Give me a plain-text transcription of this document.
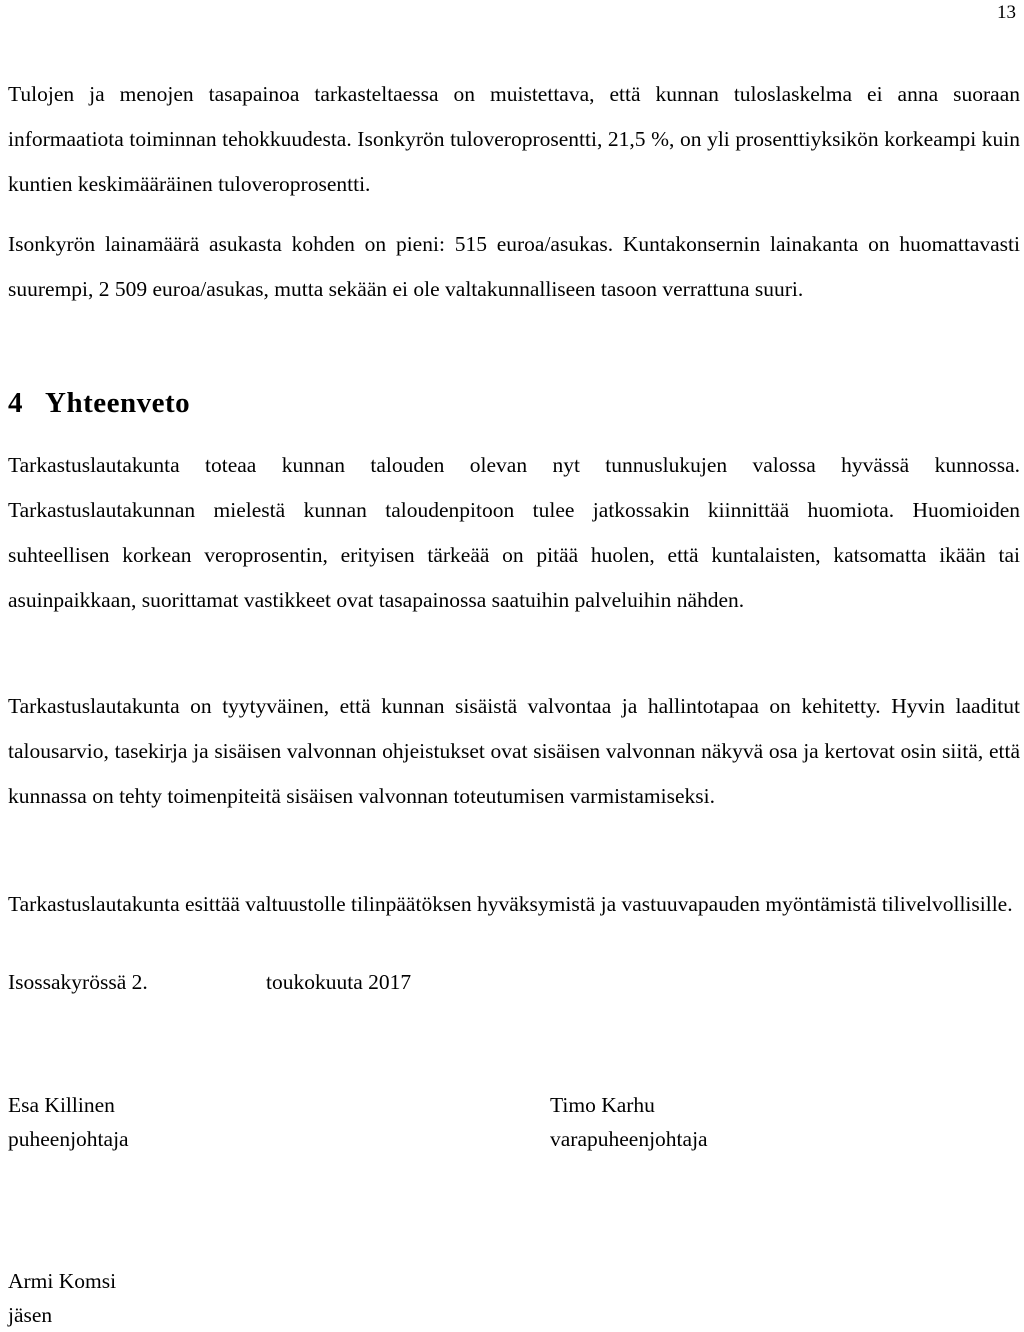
13

Tulojen ja menojen tasapainoa tarkasteltaessa on muistettava, että kunnan tuloslaskelma ei anna suoraan informaatiota toiminnan tehokkuudesta. Isonkyrön tuloveroprosentti, 21,5 %, on yli prosenttiyksikön korkeampi kuin kuntien keskimääräinen tuloveroprosentti.

Isonkyrön lainamäärä asukasta kohden on pieni: 515 euroa/asukas. Kuntakonsernin lainakanta on huomattavasti suurempi, 2 509 euroa/asukas, mutta sekään ei ole valtakunnalliseen tasoon verrattuna suuri.

4 Yhteenveto

Tarkastuslautakunta toteaa kunnan talouden olevan nyt tunnuslukujen valossa hyvässä kunnossa. Tarkastuslautakunnan mielestä kunnan taloudenpitoon tulee jatkossakin kiinnittää huomiota. Huomioiden suhteellisen korkean veroprosentin, erityisen tärkeää on pitää huolen, että kuntalaisten, katsomatta ikään tai asuinpaikkaan, suorittamat vastikkeet ovat tasapainossa saatuihin palveluihin nähden.

Tarkastuslautakunta on tyytyväinen, että kunnan sisäistä valvontaa ja hallintotapaa on kehitetty. Hyvin laaditut talousarvio, tasekirja ja sisäisen valvonnan ohjeistukset ovat sisäisen valvonnan näkyvä osa ja kertovat osin siitä, että kunnassa on tehty toimenpiteitä sisäisen valvonnan toteutumisen varmistamiseksi.

Tarkastuslautakunta esittää valtuustolle tilinpäätöksen hyväksymistä ja vastuuvapauden myöntämistä tilivelvollisille.

Isossakyrössä 2.	toukokuuta 2017
Esa Killinen
puheenjohtaja
Timo Karhu
varapuheenjohtaja
Armi Komsi
jäsen
